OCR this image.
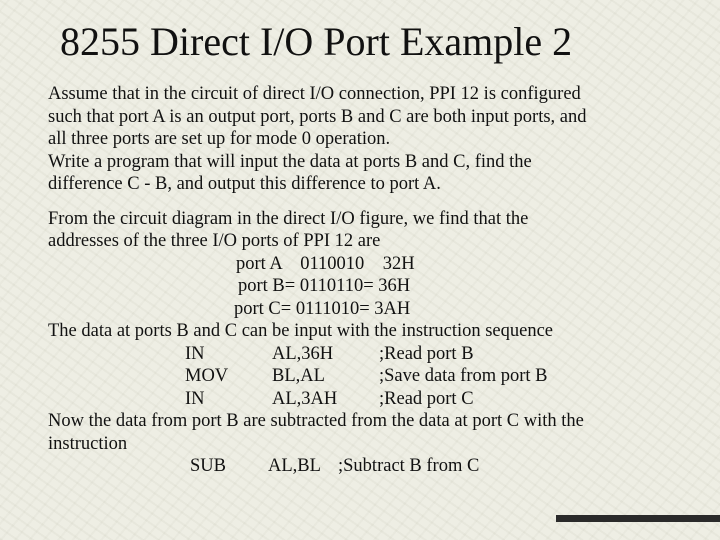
8255 Direct I/O Port Example 2
Assume that in the circuit of direct I/O connection, PPI 12 is configured
such that port A is an output port, ports B and C are both input ports, and
all three ports are set up for mode 0 operation.
Write a program that will input the data at ports B and C, find the
difference C - B, and output this difference to port A.
From the circuit diagram in the direct I/O figure, we find that the
addresses of the three I/O ports of PPI 12 are
port A    0110010    32H
port B= 0110110= 36H
port C= 0111010= 3AH
The data at ports B and C can be input with the instruction sequence
IN	AL,36H	;Read port B
MOV	BL,AL	;Save data from port B
IN	AL,3AH	;Read port C
Now the data from port B are subtracted from the data at port C with the
instruction
SUB	AL,BL ;Subtract B from C
